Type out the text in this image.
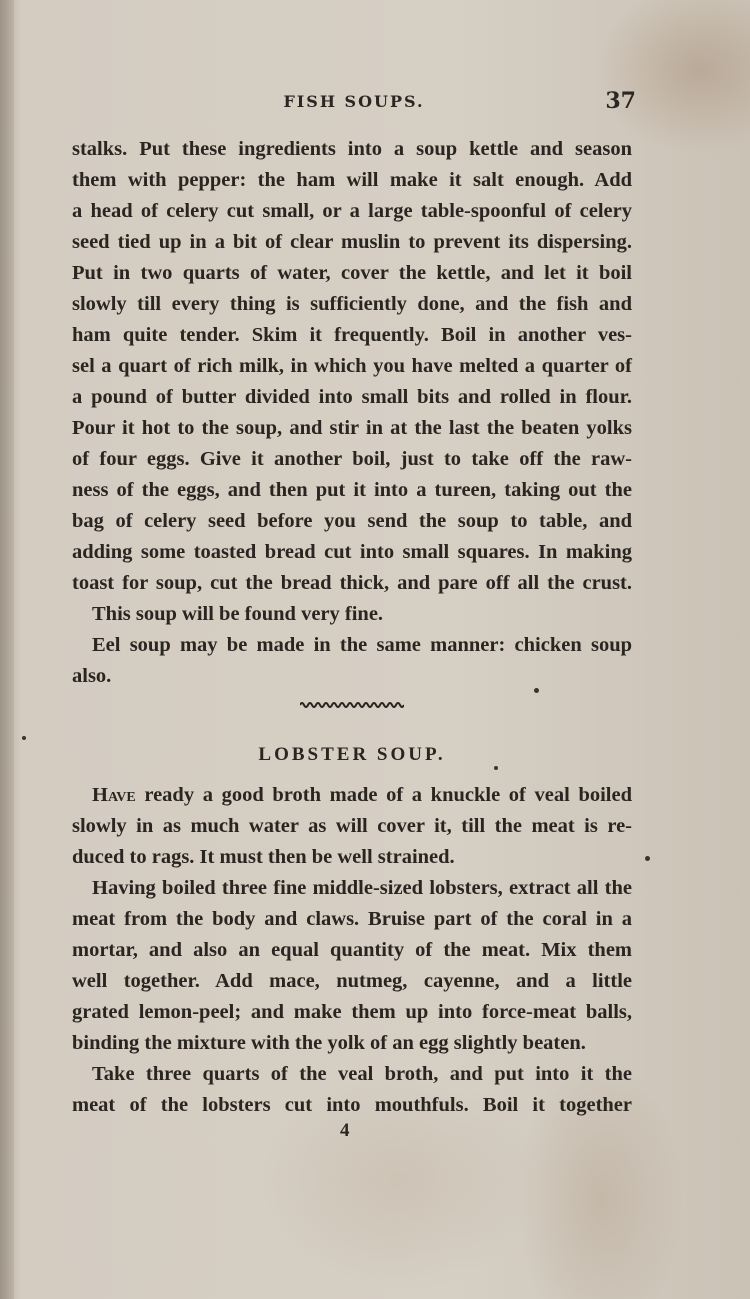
FISH SOUPS.	37
stalks. Put these ingredients into a soup kettle and season
them with pepper: the ham will make it salt enough. Add
a head of celery cut small, or a large table-spoonful of celery
seed tied up in a bit of clear muslin to prevent its dispersing.
Put in two quarts of water, cover the kettle, and let it boil
slowly till every thing is sufficiently done, and the fish and
ham quite tender. Skim it frequently. Boil in another ves-
sel a quart of rich milk, in which you have melted a quarter of
a pound of butter divided into small bits and rolled in flour.
Pour it hot to the soup, and stir in at the last the beaten yolks
of four eggs. Give it another boil, just to take off the raw-
ness of the eggs, and then put it into a tureen, taking out the
bag of celery seed before you send the soup to table, and
adding some toasted bread cut into small squares. In making
toast for soup, cut the bread thick, and pare off all the crust.
This soup will be found very fine.
Eel soup may be made in the same manner: chicken soup
also.
LOBSTER SOUP.
Have ready a good broth made of a knuckle of veal boiled
slowly in as much water as will cover it, till the meat is re-
duced to rags. It must then be well strained.
Having boiled three fine middle-sized lobsters, extract all the
meat from the body and claws. Bruise part of the coral in a
mortar, and also an equal quantity of the meat. Mix them
well together. Add mace, nutmeg, cayenne, and a little
grated lemon-peel; and make them up into force-meat balls,
binding the mixture with the yolk of an egg slightly beaten.
Take three quarts of the veal broth, and put into it the
meat of the lobsters cut into mouthfuls. Boil it together
4
